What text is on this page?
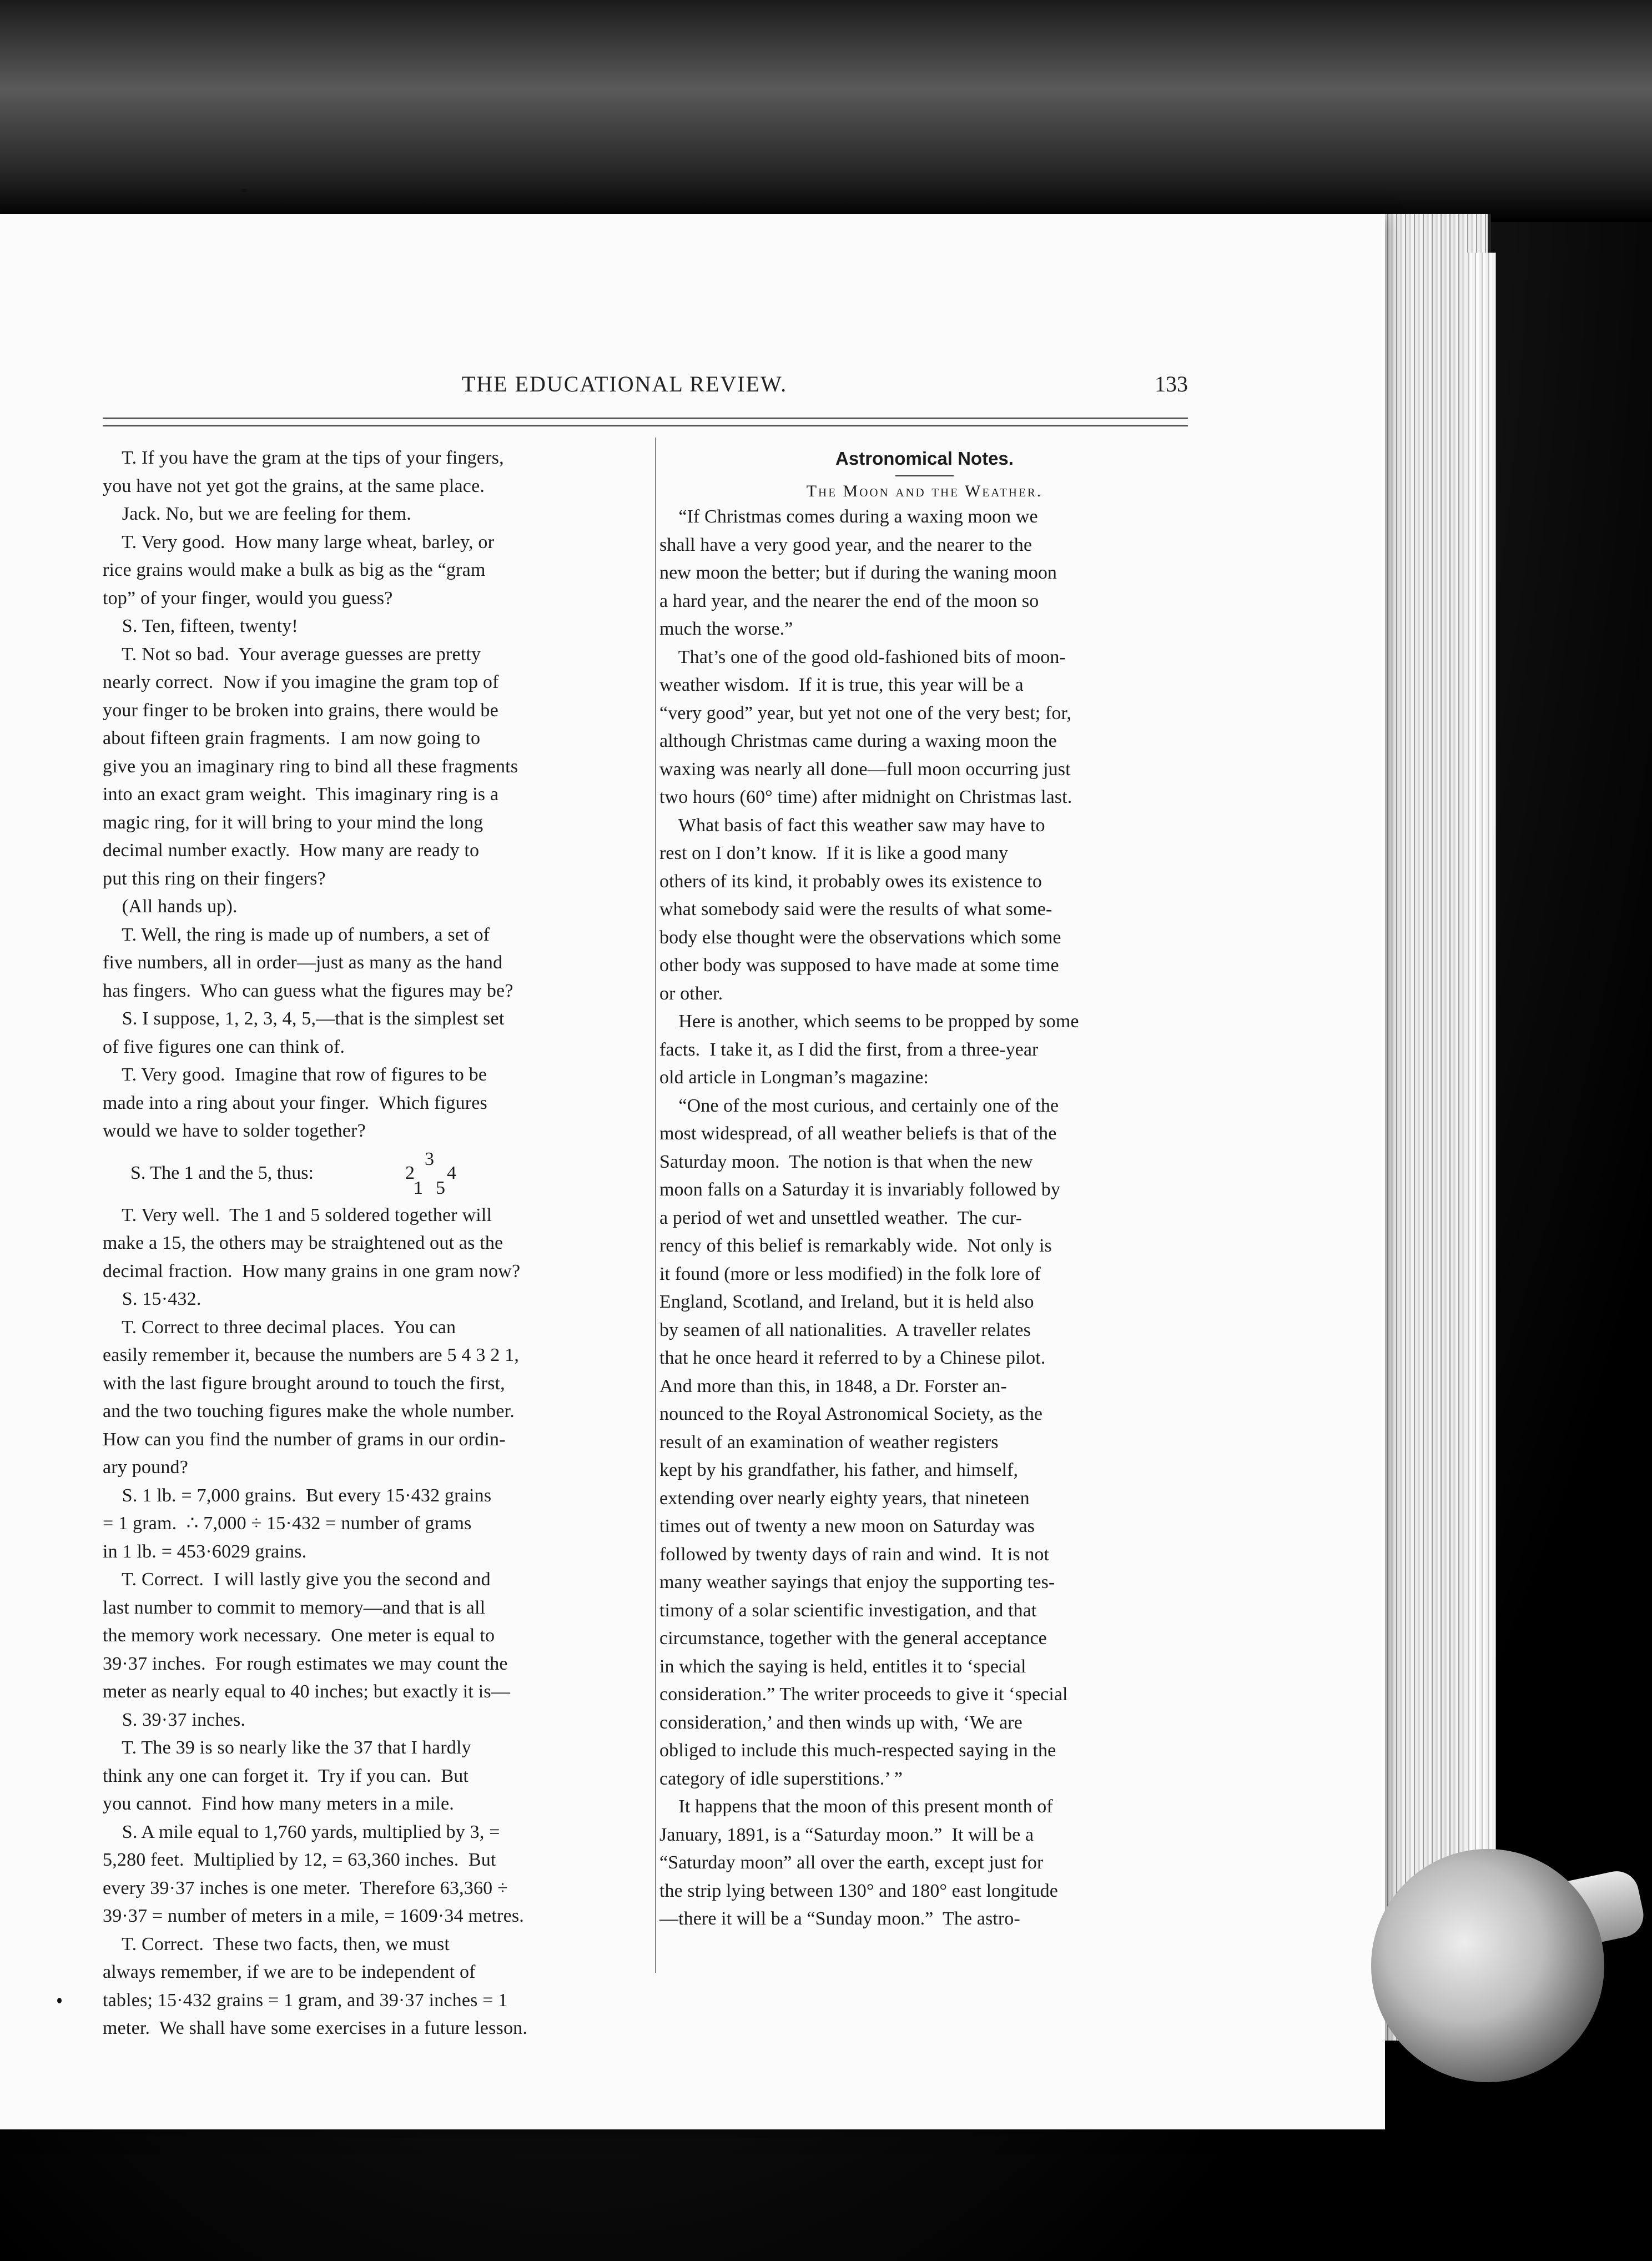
THE EDUCATIONAL REVIEW.	133

T. If you have the gram at the tips of your fingers,

you have not yet got the grains, at the same place.

Jack. No, but we are feeling for them.

T. Very good.  How many large wheat, barley, or

rice grains would make a bulk as big as the “gram

top” of your finger, would you guess?

S. Ten, fifteen, twenty!

T. Not so bad.  Your average guesses are pretty

nearly correct.  Now if you imagine the gram top of

your finger to be broken into grains, there would be

about fifteen grain fragments.  I am now going to

give you an imaginary ring to bind all these fragments

into an exact gram weight.  This imaginary ring is a

magic ring, for it will bring to your mind the long

decimal number exactly.  How many are ready to

put this ring on their fingers?

(All hands up).

T. Well, the ring is made up of numbers, a set of

five numbers, all in order—just as many as the hand

has fingers.  Who can guess what the figures may be?

S. I suppose, 1, 2, 3, 4, 5,—that is the simplest set

of five figures one can think of.

T. Very good.  Imagine that row of figures to be

made into a ring about your finger.  Which figures

would we have to solder together?

S. The 1 and the 5, thus:
3
2 4
1 5

T. Very well.  The 1 and 5 soldered together will

make a 15, the others may be straightened out as the

decimal fraction.  How many grains in one gram now?

S. 15·432.

T. Correct to three decimal places.  You can

easily remember it, because the numbers are 5 4 3 2 1,

with the last figure brought around to touch the first,

and the two touching figures make the whole number.

How can you find the number of grams in our ordin-

ary pound?

S. 1 lb. = 7,000 grains.  But every 15·432 grains

= 1 gram.  ∴ 7,000 ÷ 15·432 = number of grams

in 1 lb. = 453·6029 grains.

T. Correct.  I will lastly give you the second and

last number to commit to memory—and that is all

the memory work necessary.  One meter is equal to

39·37 inches.  For rough estimates we may count the

meter as nearly equal to 40 inches; but exactly it is—

S. 39·37 inches.

T. The 39 is so nearly like the 37 that I hardly

think any one can forget it.  Try if you can.  But

you cannot.  Find how many meters in a mile.

S. A mile equal to 1,760 yards, multiplied by 3, =

5,280 feet.  Multiplied by 12, = 63,360 inches.  But

every 39·37 inches is one meter.  Therefore 63,360 ÷

39·37 = number of meters in a mile, = 1609·34 metres.

T. Correct.  These two facts, then, we must

always remember, if we are to be independent of

tables; 15·432 grains = 1 gram, and 39·37 inches = 1

meter.  We shall have some exercises in a future lesson.

Astronomical Notes.
The Moon and the Weather.

“If Christmas comes during a waxing moon we

shall have a very good year, and the nearer to the

new moon the better; but if during the waning moon

a hard year, and the nearer the end of the moon so

much the worse.”

That’s one of the good old-fashioned bits of moon-

weather wisdom.  If it is true, this year will be a

“very good” year, but yet not one of the very best; for,

although Christmas came during a waxing moon the

waxing was nearly all done—full moon occurring just

two hours (60° time) after midnight on Christmas last.

What basis of fact this weather saw may have to

rest on I don’t know.  If it is like a good many

others of its kind, it probably owes its existence to

what somebody said were the results of what some-

body else thought were the observations which some

other body was supposed to have made at some time

or other.

Here is another, which seems to be propped by some

facts.  I take it, as I did the first, from a three-year

old article in Longman’s magazine:

“One of the most curious, and certainly one of the

most widespread, of all weather beliefs is that of the

Saturday moon.  The notion is that when the new

moon falls on a Saturday it is invariably followed by

a period of wet and unsettled weather.  The cur-

rency of this belief is remarkably wide.  Not only is

it found (more or less modified) in the folk lore of

England, Scotland, and Ireland, but it is held also

by seamen of all nationalities.  A traveller relates

that he once heard it referred to by a Chinese pilot.

And more than this, in 1848, a Dr. Forster an-

nounced to the Royal Astronomical Society, as the

result of an examination of weather registers

kept by his grandfather, his father, and himself,

extending over nearly eighty years, that nineteen

times out of twenty a new moon on Saturday was

followed by twenty days of rain and wind.  It is not

many weather sayings that enjoy the supporting tes-

timony of a solar scientific investigation, and that

circumstance, together with the general acceptance

in which the saying is held, entitles it to ‘special

consideration.” The writer proceeds to give it ‘special

consideration,’ and then winds up with, ‘We are

obliged to include this much-respected saying in the

category of idle superstitions.’ ”

It happens that the moon of this present month of

January, 1891, is a “Saturday moon.”  It will be a

“Saturday moon” all over the earth, except just for

the strip lying between 130° and 180° east longitude

—there it will be a “Sunday moon.”  The astro-
